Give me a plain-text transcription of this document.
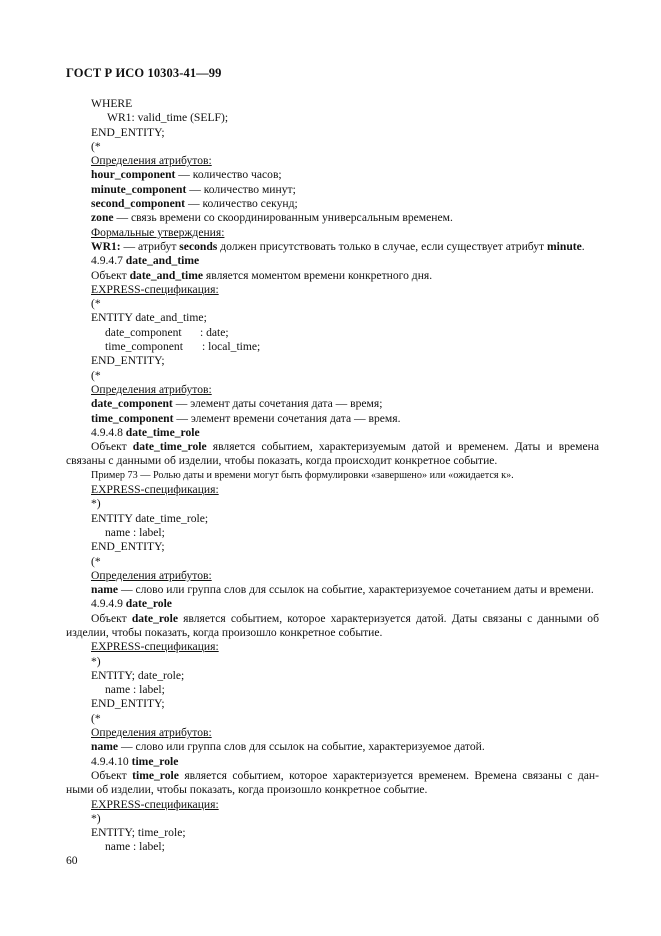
ГОСТ Р ИСО 10303-41—99
WHERE
WR1: valid_time (SELF);
END_ENTITY;
(*
Определения атрибутов:
hour_component — количество часов;
minute_component — количество минут;
second_component — количество секунд;
zone — связь времени со скоординированным универсальным временем.
Формальные утверждения:
WR1: — атрибут seconds должен присутствовать только в случае, если существует атрибут minute.
4.9.4.7 date_and_time
Объект date_and_time является моментом времени конкретного дня.
EXPRESS-спецификация:
(*
ENTITY date_and_time;
date_component : date;
time_component : local_time;
END_ENTITY;
(*
Определения атрибутов:
date_component — элемент даты сочетания дата — время;
time_component — элемент времени сочетания дата — время.
4.9.4.8 date_time_role
Объект date_time_role является событием, характеризуемым датой и временем. Даты и времена связаны с данными об изделии, чтобы показать, когда происходит конкретное событие.
Пример 73 — Ролью даты и времени могут быть формулировки «завершено» или «ожидается к».
EXPRESS-спецификация:
*)
ENTITY date_time_role;
name : label;
END_ENTITY;
(*
Определения атрибутов:
name — слово или группа слов для ссылок на событие, характеризуемое сочетанием даты и времени.
4.9.4.9 date_role
Объект date_role является событием, которое характеризуется датой. Даты связаны с данными об изделии, чтобы показать, когда произошло конкретное событие.
EXPRESS-спецификация:
*)
ENTITY; date_role;
name : label;
END_ENTITY;
(*
Определения атрибутов:
name — слово или группа слов для ссылок на событие, характеризуемое датой.
4.9.4.10 time_role
Объект time_role является событием, которое характеризуется временем. Времена связаны с дан- ными об изделии, чтобы показать, когда произошло конкретное событие.
EXPRESS-спецификация:
*)
ENTITY; time_role;
name : label;
60
